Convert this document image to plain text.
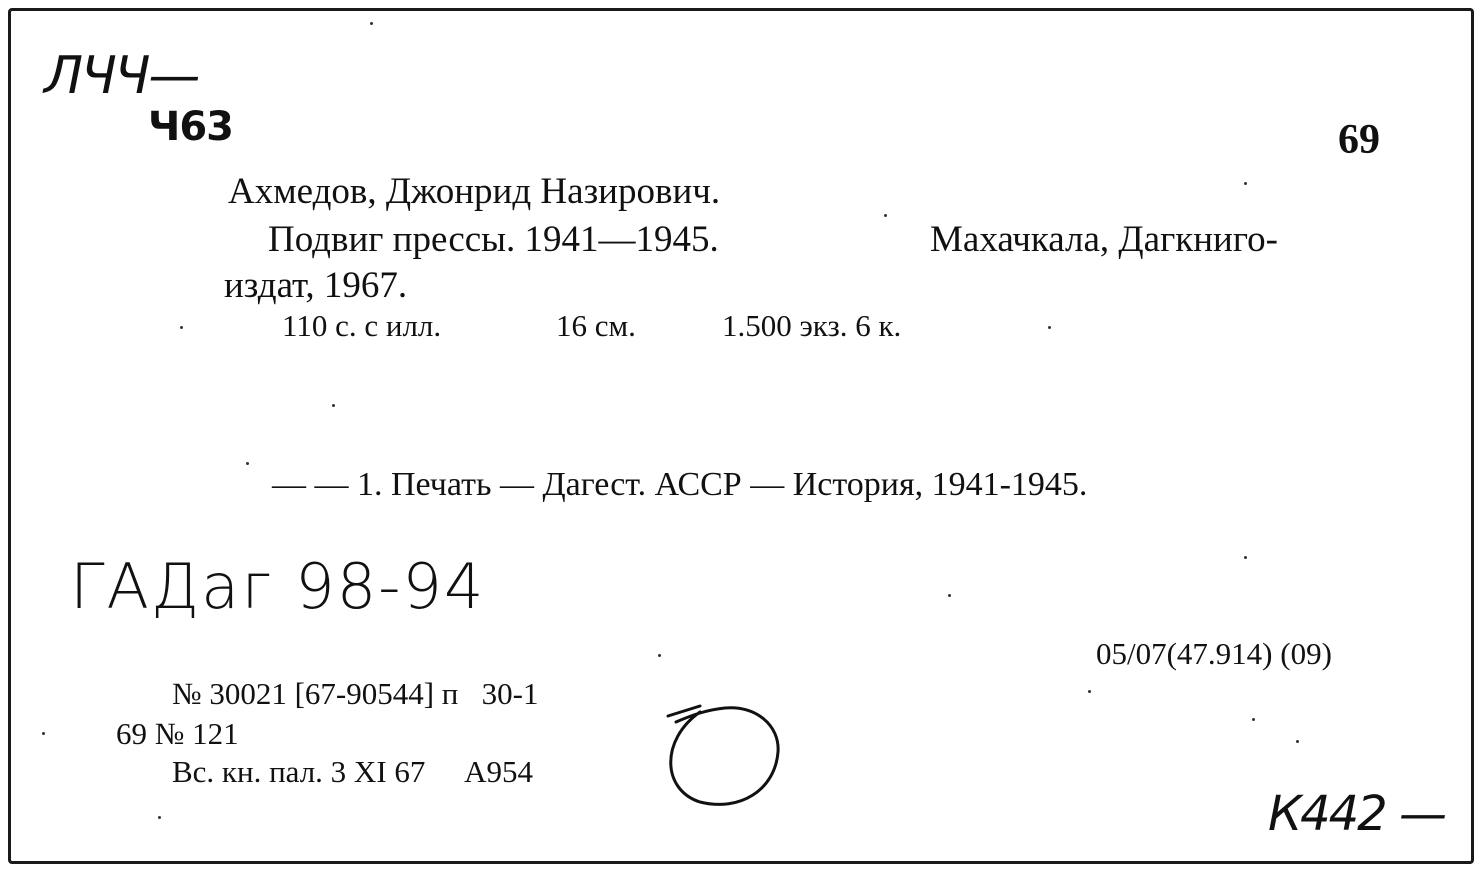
ЛЧЧ—
Ч63	69
Ахмедов, Джонрид Назирович.
Подвиг прессы. 1941—1945.	Махачкала, Дагкниго-
издат, 1967.
110 с. с илл.	16 см.	1.500 экз. 6 к.
— — 1. Печать — Дагест. АССР — История, 1941-1945.
ГАДаг 98-94
05/07(47.914) (09)
№ 30021 [67-90544] п   30-1
69 № 121
Вс. кн. пал. 3 XI 67     А954
К442 —
